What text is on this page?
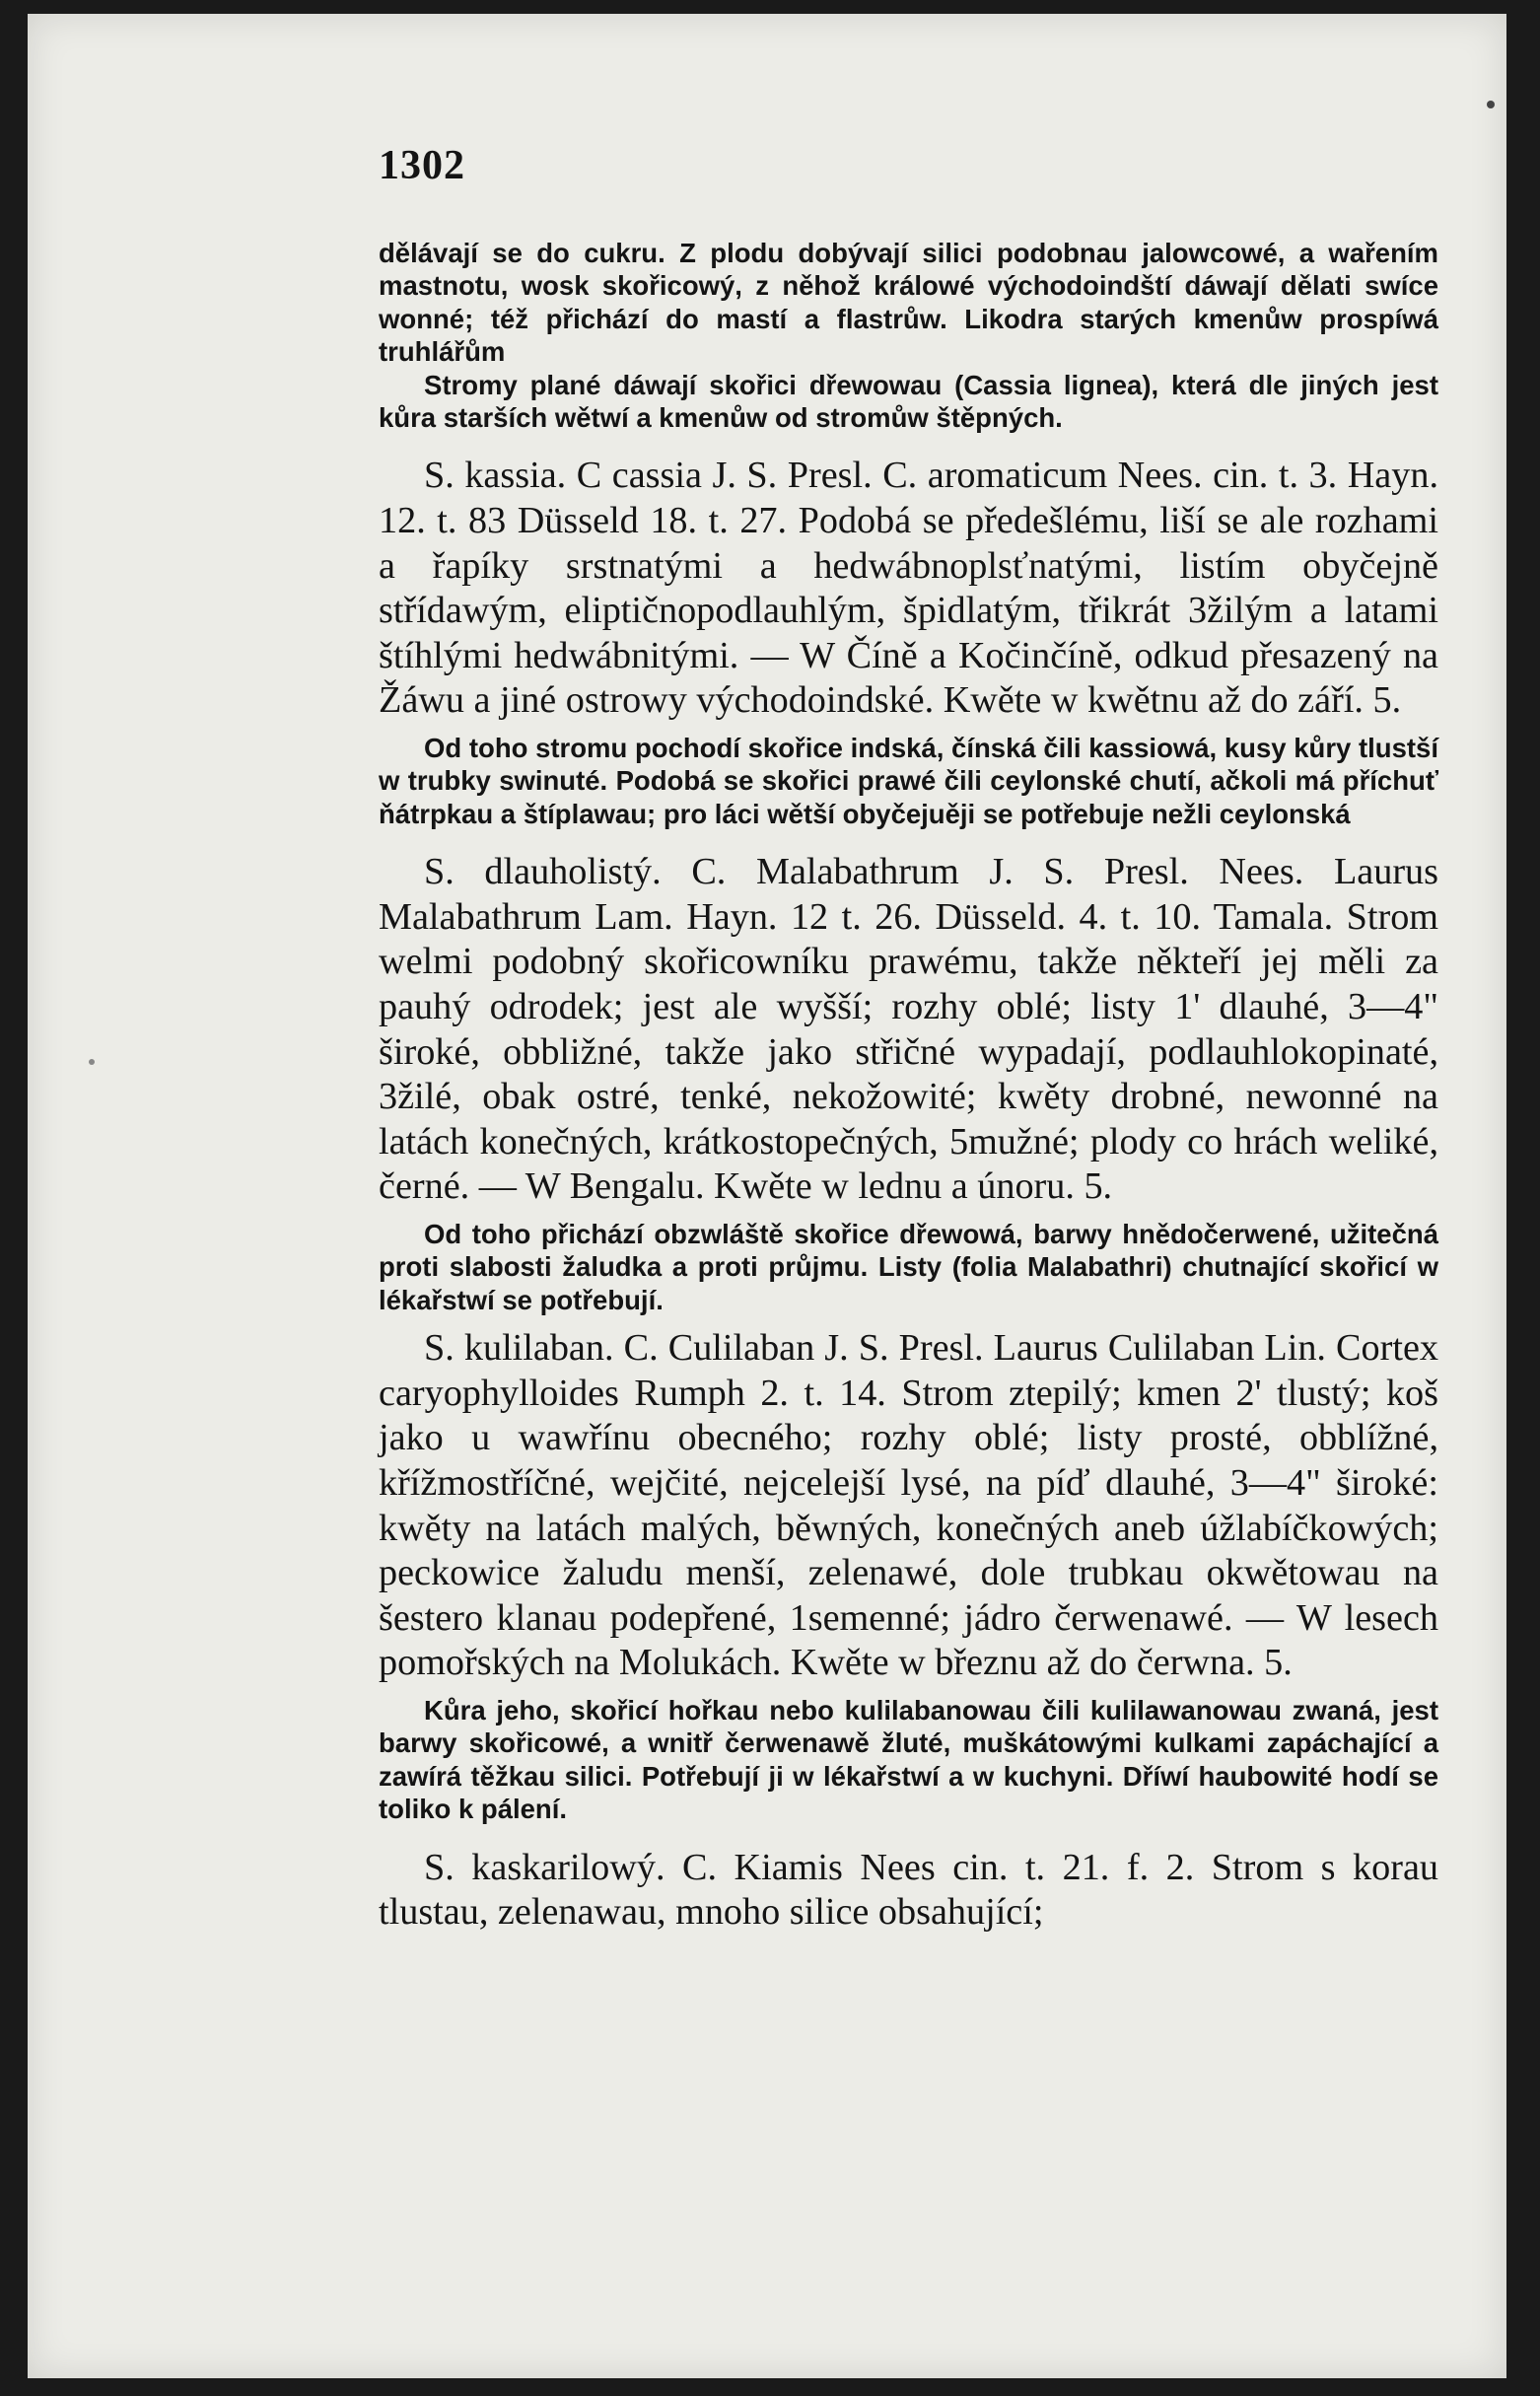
1302

dělávají se do cukru. Z plodu dobývají silici podobnau jalowcowé, a wařením mastnotu, wosk skořicowý, z něhož králowé východoindští dáwají dělati swíce wonné; též přichází do mastí a flastrůw. Likodra starých kmenůw prospíwá truhlářům

Stromy plané dáwají skořici dřewowau (Cassia lignea), která dle jiných jest kůra starších wětwí a kmenůw od stromůw štěpných.

S. kassia. C cassia J. S. Presl. C. aromaticum Nees. cin. t. 3. Hayn. 12. t. 83 Düsseld 18. t. 27. Podobá se předešlému, liší se ale rozhami a řapíky srstnatými a hedwábnoplsťnatými, listím obyčejně střídawým, eliptičnopodlauhlým, špidlatým, třikrát 3žilým a latami štíhlými hedwábnitými. — W Číně a Kočinčíně, odkud přesazený na Žáwu a jiné ostrowy východoindské. Kwěte w kwětnu až do září. 5.

Od toho stromu pochodí skořice indská, čínská čili kassiowá, kusy kůry tlustší w trubky swinuté. Podobá se skořici prawé čili ceylonské chutí, ačkoli má příchuť ňátrpkau a štíplawau; pro láci wětší obyčejuěji se potřebuje nežli ceylonská

S. dlauholistý. C. Malabathrum J. S. Presl. Nees. Laurus Malabathrum Lam. Hayn. 12 t. 26. Düsseld. 4. t. 10. Tamala. Strom welmi podobný skořicowníku prawému, takže někteří jej měli za pauhý odrodek; jest ale wyšší; rozhy oblé; listy 1' dlauhé, 3—4" široké, obbližné, takže jako střičné wypadají, podlauhlokopinaté, 3žilé, obak ostré, tenké, nekožowité; kwěty drobné, newonné na latách konečných, krátkostopečných, 5mužné; plody co hrách weliké, černé. — W Bengalu. Kwěte w lednu a únoru. 5.

Od toho přichází obzwláště skořice dřewowá, barwy hnědočerwené, užitečná proti slabosti žaludka a proti průjmu. Listy (folia Malabathri) chutnající skořicí w lékařstwí se potřebují.

S. kulilaban. C. Culilaban J. S. Presl. Laurus Culilaban Lin. Cortex caryophylloides Rumph 2. t. 14. Strom ztepilý; kmen 2' tlustý; koš jako u wawřínu obecného; rozhy oblé; listy prosté, obblížné, křížmostříčné, wejčité, nejcelejší lysé, na píď dlauhé, 3—4" široké: kwěty na latách malých, běwných, konečných aneb úžlabíčkowých; peckowice žaludu menší, zelenawé, dole trubkau okwětowau na šestero klanau podepřené, 1semenné; jádro čerwenawé. — W lesech pomořských na Molukách. Kwěte w březnu až do čerwna. 5.

Kůra jeho, skořicí hořkau nebo kulilabanowau čili kulilawanowau zwaná, jest barwy skořicowé, a wnitř čerwenawě žluté, muškátowými kulkami zapáchající a zawírá těžkau silici. Potřebují ji w lékařstwí a w kuchyni. Dříwí haubowité hodí se toliko k pálení.

S. kaskarilowý. C. Kiamis Nees cin. t. 21. f. 2. Strom s korau tlustau, zelenawau, mnoho silice obsahující;
